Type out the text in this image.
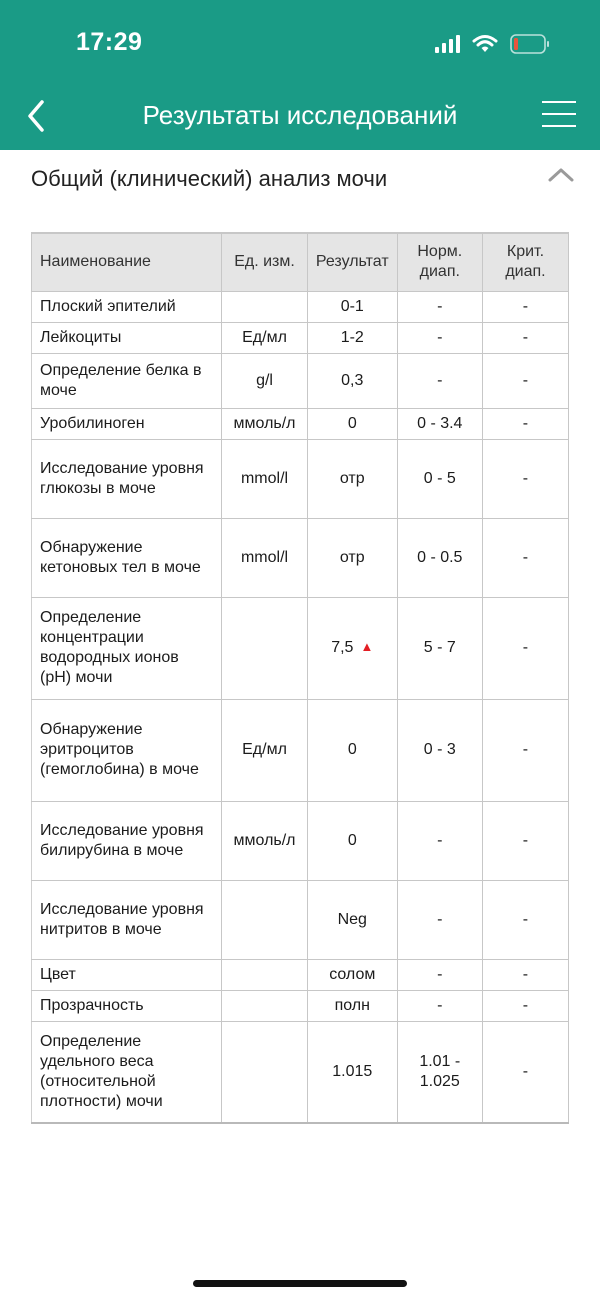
17:29
Результаты исследований
Общий (клинический) анализ мочи
Наименование	Ед. изм.	Результат	Норм. диап.	Крит. диап.
Плоский эпителий		0-1	-	-
Лейкоциты	Ед/мл	1-2	-	-
Определение белка в моче	g/l	0,3	-	-
Уробилиноген	ммоль/л	0	0 - 3.4	-
Исследование уровня глюкозы в моче	mmol/l	отр	0 - 5	-
Обнаружение кетоновых тел в моче	mmol/l	отр	0 - 0.5	-
Определение концентрации водородных ионов (pH) мочи		7,5 ▲	5 - 7	-
Обнаружение эритроцитов (гемоглобина) в моче	Ед/мл	0	0 - 3	-
Исследование уровня билирубина в моче	ммоль/л	0	-	-
Исследование уровня нитритов в моче		Neg	-	-
Цвет		солом	-	-
Прозрачность		полн	-	-
Определение удельного веса (относительной плотности) мочи		1.015	1.01 - 1.025	-
